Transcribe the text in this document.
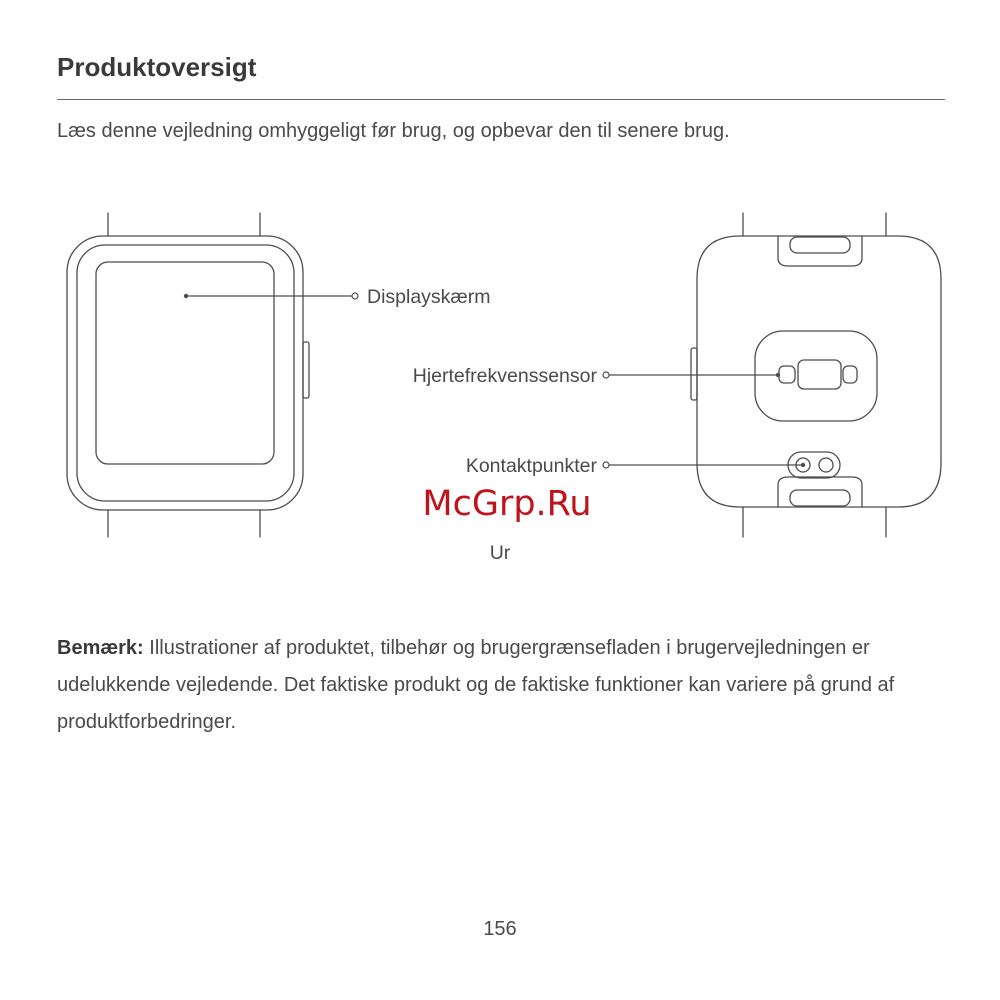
Produktoversigt
Læs denne vejledning omhyggeligt før brug, og opbevar den til senere brug.
Displayskærm
Hjertefrekvenssensor
Kontaktpunkter
McGrp.Ru
Ur

Bemærk: Illustrationer af produktet, tilbehør og brugergrænsefladen i brugervejledningen er udelukkende vejledende. Det faktiske produkt og de faktiske funktioner kan variere på grund af produktforbedringer.

156
